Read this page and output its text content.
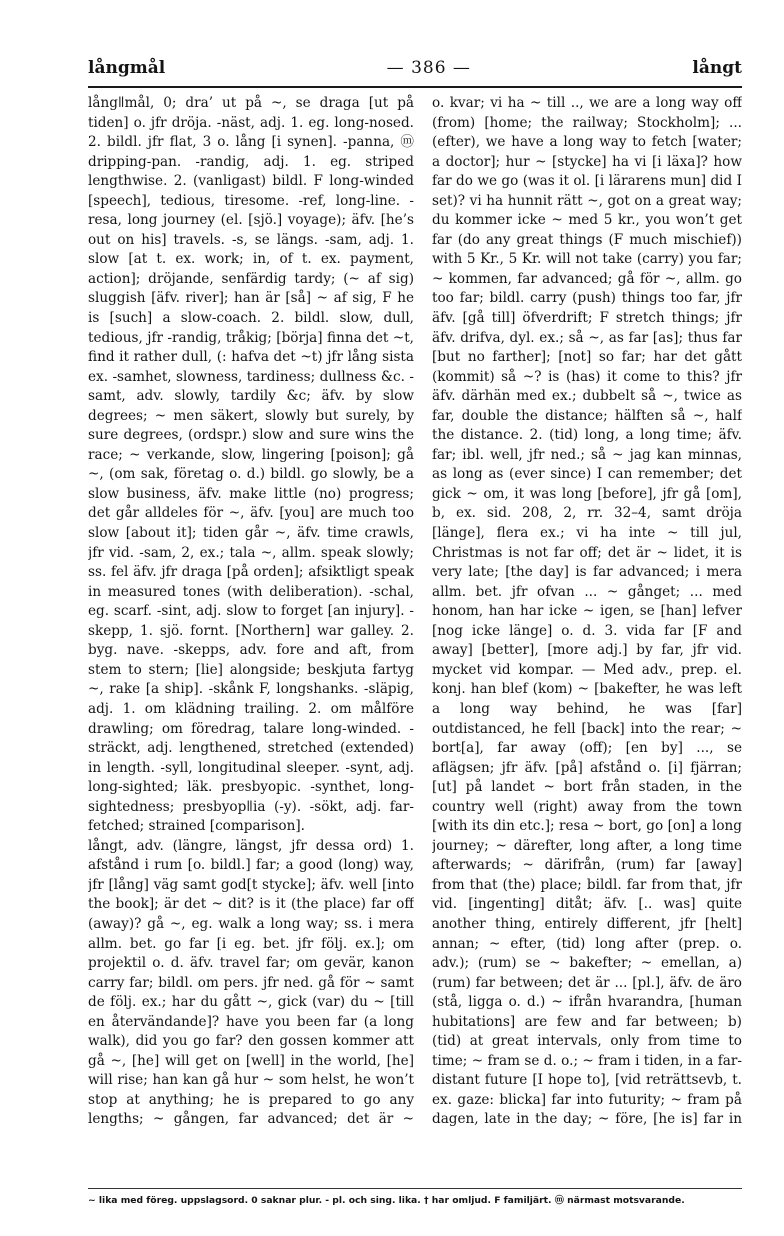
långmål	— 386 —	långt

långǁmål, 0; dra’ ut på ~, se draga [ut på tiden] o. jfr dröja. -näst, adj. 1. eg. long-nosed. 2. bildl. jfr flat, 3 o. lång [i synen]. -panna, ⓜ dripping-pan. -randig, adj. 1. eg. striped lengthwise. 2. (vanligast) bildl. F long-winded [speech], tedious, tiresome. -ref, long-line. -resa, long journey (el. [sjö.] voyage); äfv. [he’s out on his] travels. -s, se längs. -sam, adj. 1. slow [at t. ex. work; in, of t. ex. payment, action]; dröjande, senfärdig tardy; (~ af sig) sluggish [äfv. river]; han är [så] ~ af sig, F he is [such] a slow-coach. 2. bildl. slow, dull, tedious, jfr -randig, tråkig; [börja] finna det ~t, find it rather dull, (: hafva det ~t) jfr lång sista ex. -samhet, slowness, tardiness; dullness &c. -samt, adv. slowly, tardily &c; äfv. by slow degrees; ~ men säkert, slowly but surely, by sure degrees, (ordspr.) slow and sure wins the race; ~ verkande, slow, lingering [poison]; gå ~, (om sak, företag o. d.) bildl. go slowly, be a slow business, äfv. make little (no) progress; det går alldeles för ~, äfv. [you] are much too slow [about it]; tiden går ~, äfv. time crawls, jfr vid. -sam, 2, ex.; tala ~, allm. speak slowly; ss. fel äfv. jfr draga [på orden]; afsiktligt speak in measured tones (with deliberation). -schal, eg. scarf. -sint, adj. slow to forget [an injury]. -skepp, 1. sjö. fornt. [Northern] war galley. 2. byg. nave. -skepps, adv. fore and aft, from stem to stern; [lie] alongside; beskjuta fartyg ~, rake [a ship]. -skånk F, longshanks. -släpig, adj. 1. om klädning trailing. 2. om målföre drawling; om föredrag, talare long-winded. -sträckt, adj. lengthened, stretched (extended) in length. -syll, longitudinal sleeper. -synt, adj. long-sighted; läk. presbyopic. -synthet, long-sightedness; presbyopǁia (-y). -sökt, adj. far-fetched; strained [comparison].

långt, adv. (längre, längst, jfr dessa ord) 1. afstånd i rum [o. bildl.] far; a good (long) way, jfr [lång] väg samt god[t stycke]; äfv. well [into the book]; är det ~ dit? is it (the place) far off (away)? gå ~, eg. walk a long way; ss. i mera allm. bet. go far [i eg. bet. jfr följ. ex.]; om projektil o. d. äfv. travel far; om gevär, kanon carry far; bildl. om pers. jfr ned. gå för ~ samt de följ. ex.; har du gått ~, gick (var) du ~ [till en återvändande]? have you been far (a long walk), did you go far? den gossen kommer att gå ~, [he] will get on [well] in the world, [he] will rise; han kan gå hur ~ som helst, he won’t stop at anything; he is prepared to go any lengths; ~ gången, far advanced; det är ~

o. kvar; vi ha ~ till .., we are a long way off (from) [home; the railway; Stockholm]; ... (efter), we have a long way to fetch [water; a doctor]; hur ~ [stycke] ha vi [i läxa]? how far do we go (was it ol. [i lärarens mun] did I set)? vi ha hunnit rätt ~, got on a great way; du kommer icke ~ med 5 kr., you won’t get far (do any great things (F much mischief)) with 5 Kr., 5 Kr. will not take (carry) you far; ~ kommen, far advanced; gå för ~, allm. go too far; bildl. carry (push) things too far, jfr äfv. [gå till] öfverdrift; F stretch things; jfr äfv. drifva, dyl. ex.; så ~, as far [as]; thus far [but no farther]; [not] so far; har det gått (kommit) så ~? is (has) it come to this? jfr äfv. därhän med ex.; dubbelt så ~, twice as far, double the distance; hälften så ~, half the distance. 2. (tid) long, a long time; äfv. far; ibl. well, jfr ned.; så ~ jag kan minnas, as long as (ever since) I can remember; det gick ~ om, it was long [before], jfr gå [om], b, ex. sid. 208, 2, rr. 32–4, samt dröja [länge], flera ex.; vi ha inte ~ till jul, Christmas is not far off; det är ~ lidet, it is very late; [the day] is far advanced; i mera allm. bet. jfr ofvan ... ~ gånget; ... med honom, han har icke ~ igen, se [han] lefver [nog icke länge] o. d. 3. vida far [F and away] [better], [more adj.] by far, jfr vid. mycket vid kompar. — Med adv., prep. el. konj. han blef (kom) ~ [bakefter, he was left a long way behind, he was [far] outdistanced, he fell [back] into the rear; ~ bort[a], far away (off); [en by] ..., se aflägsen; jfr äfv. [på] afstånd o. [i] fjärran; [ut] på landet ~ bort från staden, in the country well (right) away from the town [with its din etc.]; resa ~ bort, go [on] a long journey; ~ därefter, long after, a long time afterwards; ~ därifrån, (rum) far [away] from that (the) place; bildl. far from that, jfr vid. [ingenting] ditåt; äfv. [.. was] quite another thing, entirely different, jfr [helt] annan; ~ efter, (tid) long after (prep. o. adv.); (rum) se ~ bakefter; ~ emellan, a) (rum) far between; det är ... [pl.], äfv. de äro (stå, ligga o. d.) ~ ifrån hvarandra, [human hubitations] are few and far between; b) (tid) at great intervals, only from time to time; ~ fram se d. o.; ~ fram i tiden, in a far-distant future [I hope to], [vid reträttsevb, t. ex. gaze: blicka] far into futurity; ~ fram på dagen, late in the day; ~ före, [he is] far in

~ lika med föreg. uppslagsord. 0 saknar plur. - pl. och sing. lika. † har omljud. F familjärt. ⓜ närmast motsvarande.
